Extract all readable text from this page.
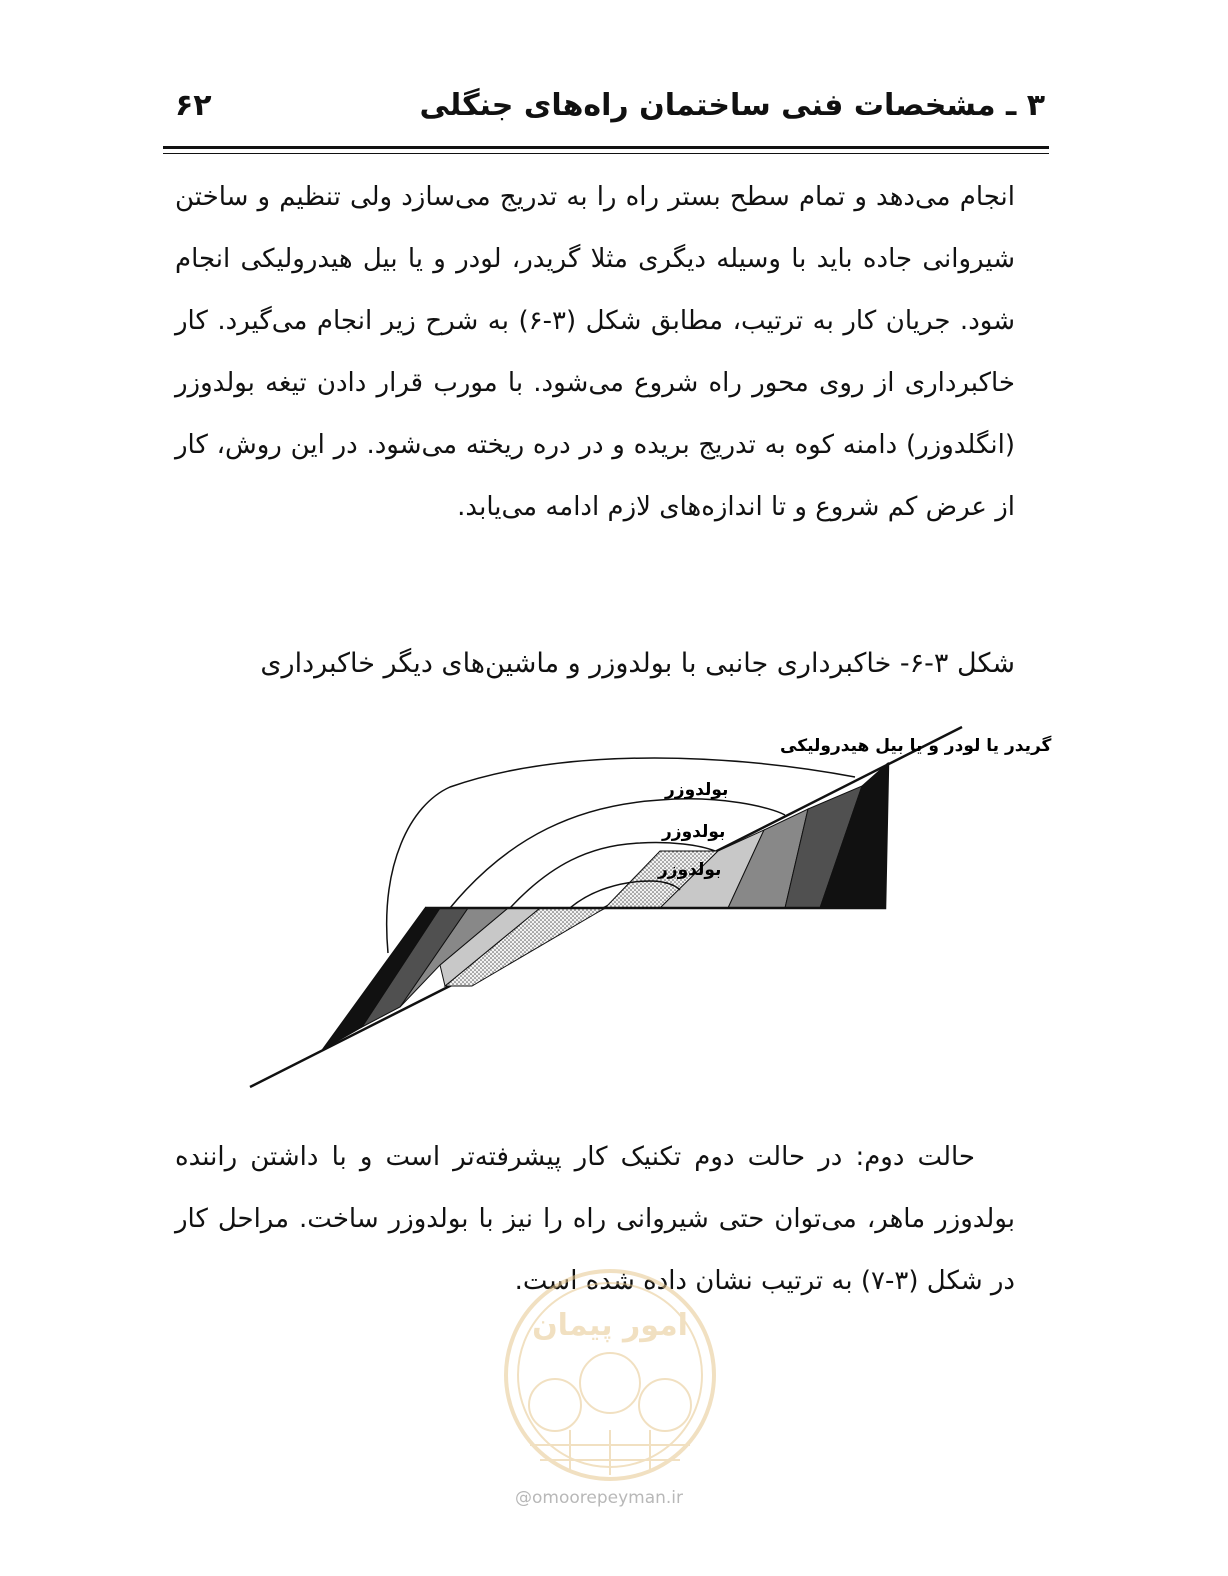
۳ ـ مشخصات فنی ساختمان راه‌های جنگلی
۶۲

انجام می‌دهد و تمام سطح بستر راه را به تدریج می‌سازد ولی تنظیم و ساختن شیروانی جاده باید با وسیله دیگری مثلا گریدر، لودر و یا بیل هیدرولیکی انجام شود. جریان کار به ترتیب، مطابق شکل (۳-۶) به شرح زیر انجام می‌گیرد. کار خاکبرداری از روی محور راه شروع می‌شود. با مورب قرار دادن تیغه بولدوزر (انگلدوزر) دامنه کوه به تدریج بریده و در دره ریخته می‌شود. در این روش، کار از عرض کم شروع و تا اندازه‌های لازم ادامه می‌یابد.

شکل ۳-۶- خاکبرداری جانبی با بولدوزر و ماشین‌های دیگر خاکبرداری
گریدر یا لودر و یا بیل هیدرولیکی
بولدوزر
بولدوزر
بولدوزر

حالت دوم: در حالت دوم تکنیک کار پیشرفته‌تر است و با داشتن راننده بولدوزر ماهر، می‌توان حتی شیروانی راه را نیز با بولدوزر ساخت. مراحل کار در شکل (۳-۷) به ترتیب نشان داده شده است.

امور پیمان
@omoorepeyman.ir
